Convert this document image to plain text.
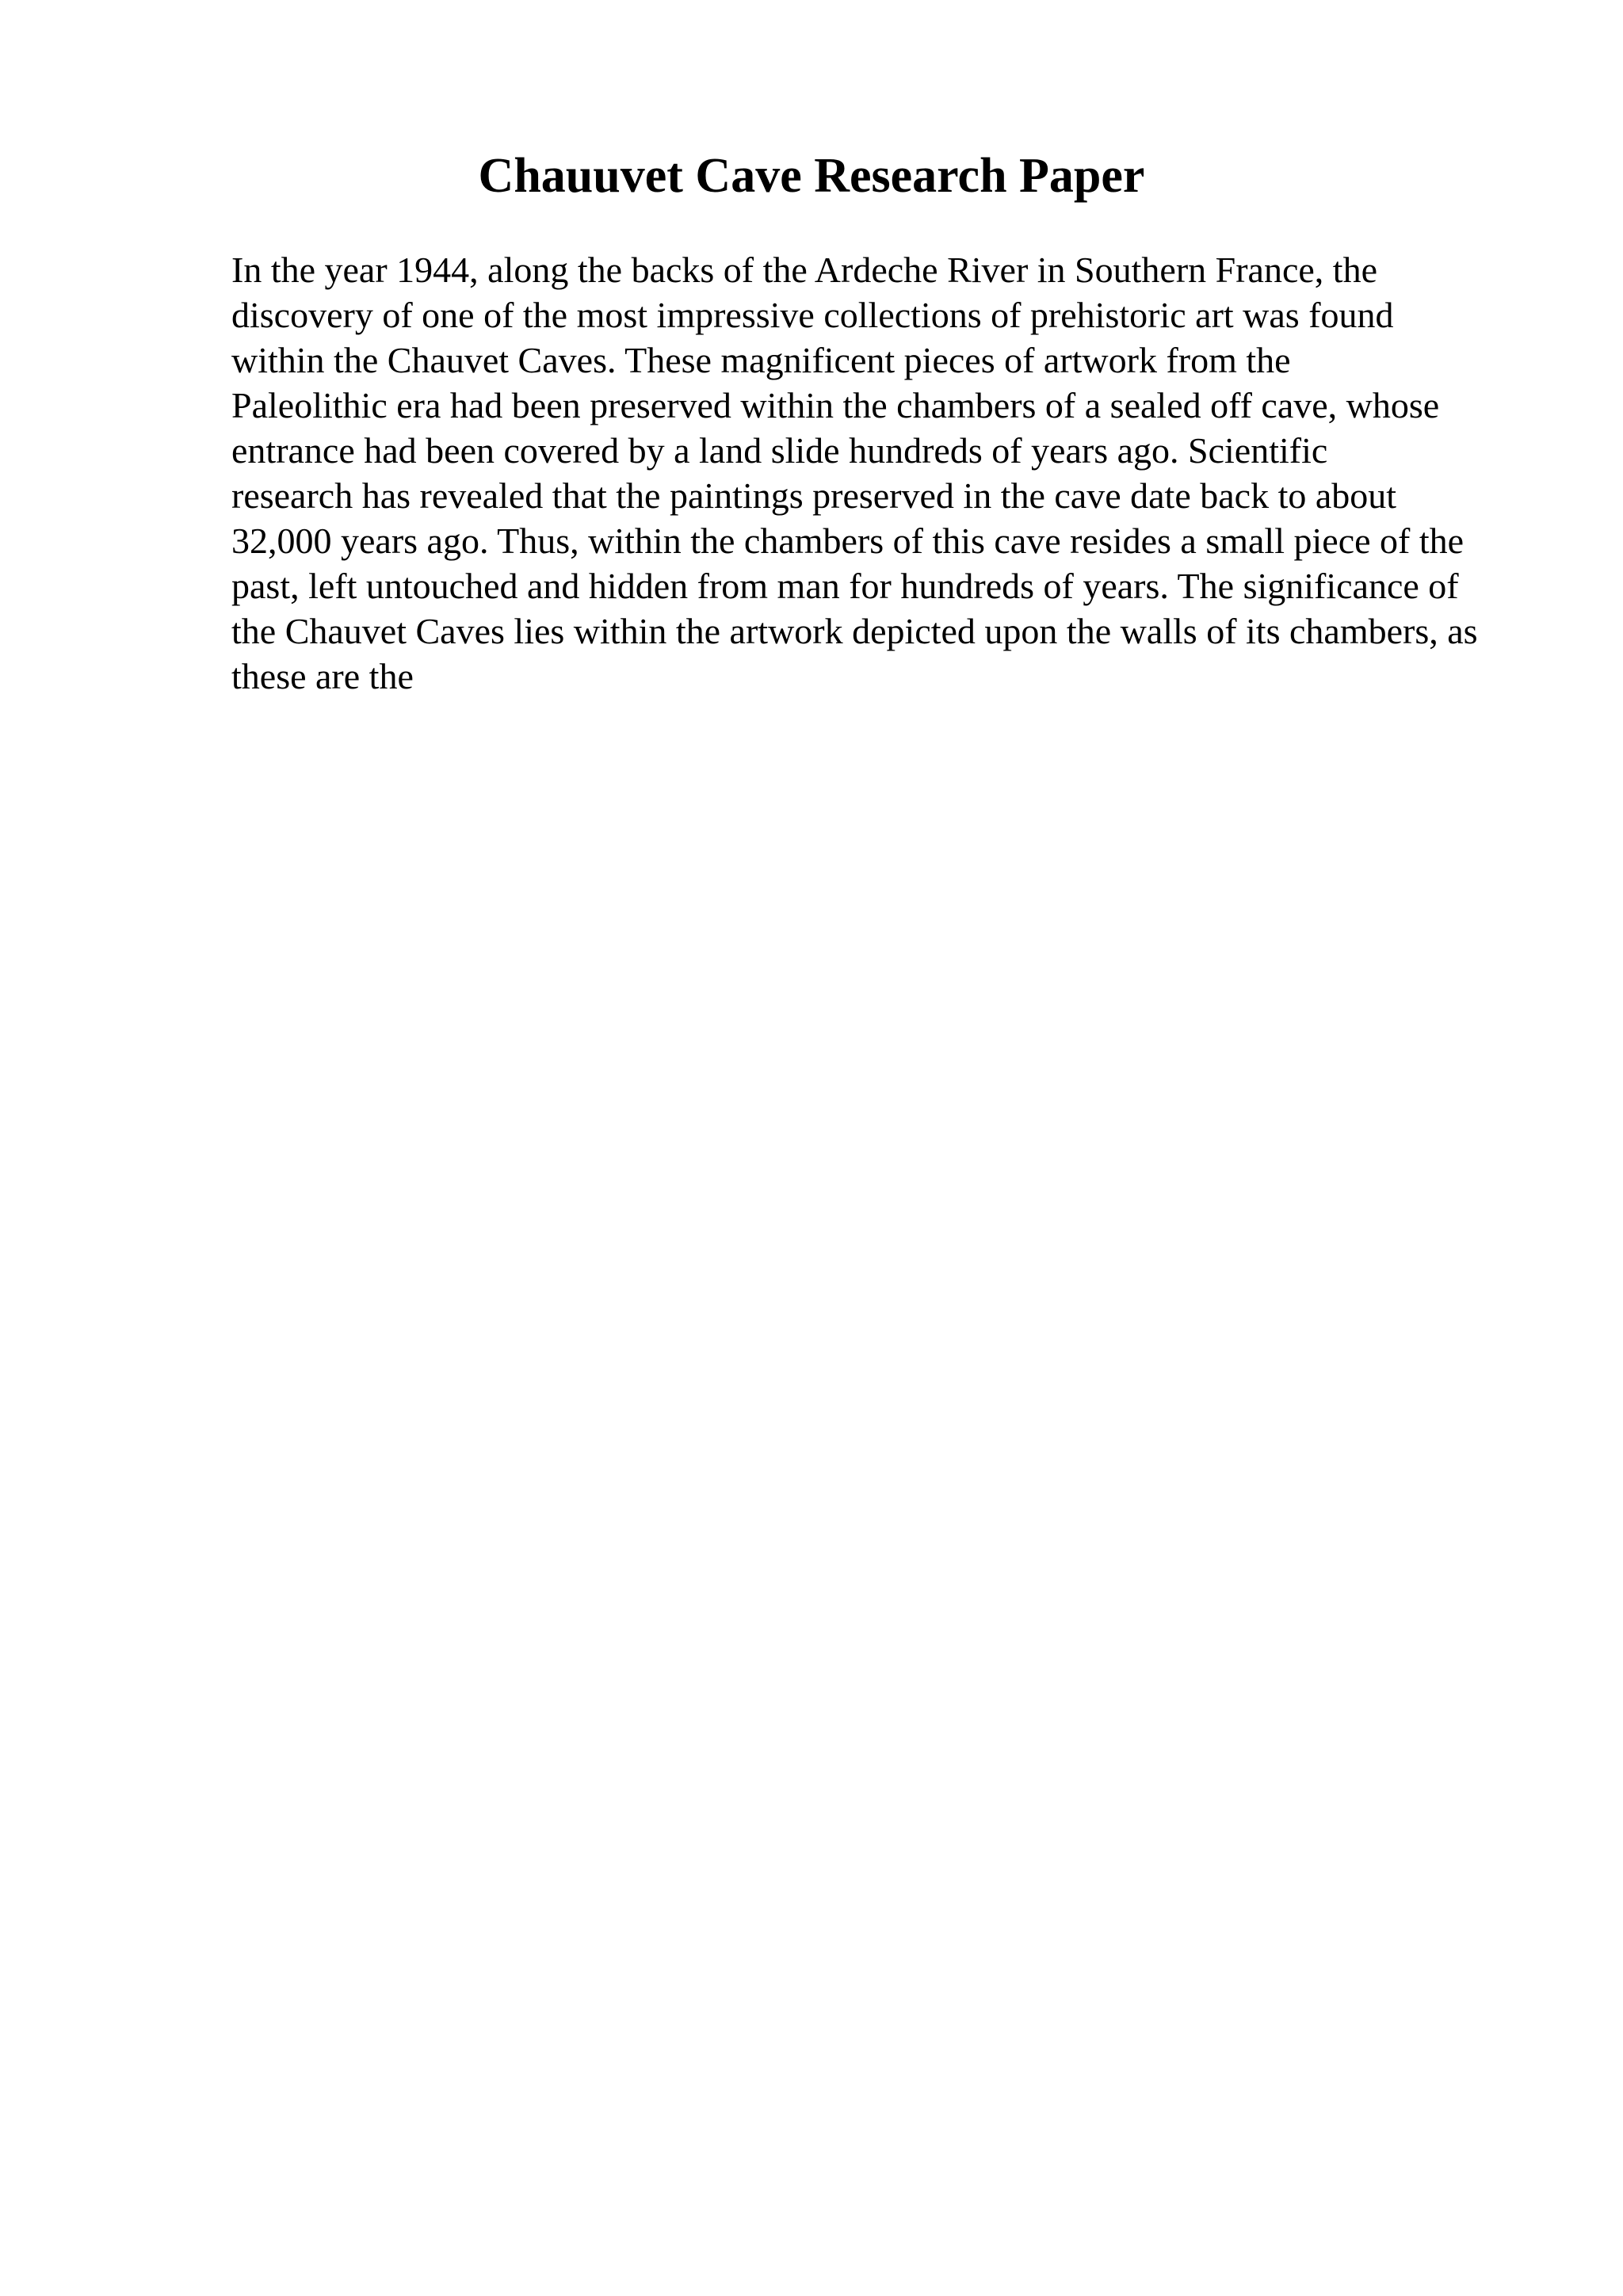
Chauuvet Cave Research Paper

In the year 1944, along the backs of the Ardeche River in Southern France, the
discovery of one of the most impressive collections of prehistoric art was found
within the Chauvet Caves. These magnificent pieces of artwork from the
Paleolithic era had been preserved within the chambers of a sealed off cave, whose
entrance had been covered by a land slide hundreds of years ago. Scientific
research has revealed that the paintings preserved in the cave date back to about
32,000 years ago. Thus, within the chambers of this cave resides a small piece of the
past, left untouched and hidden from man for hundreds of years. The significance of
the Chauvet Caves lies within the artwork depicted upon the walls of its chambers, as
these are the
